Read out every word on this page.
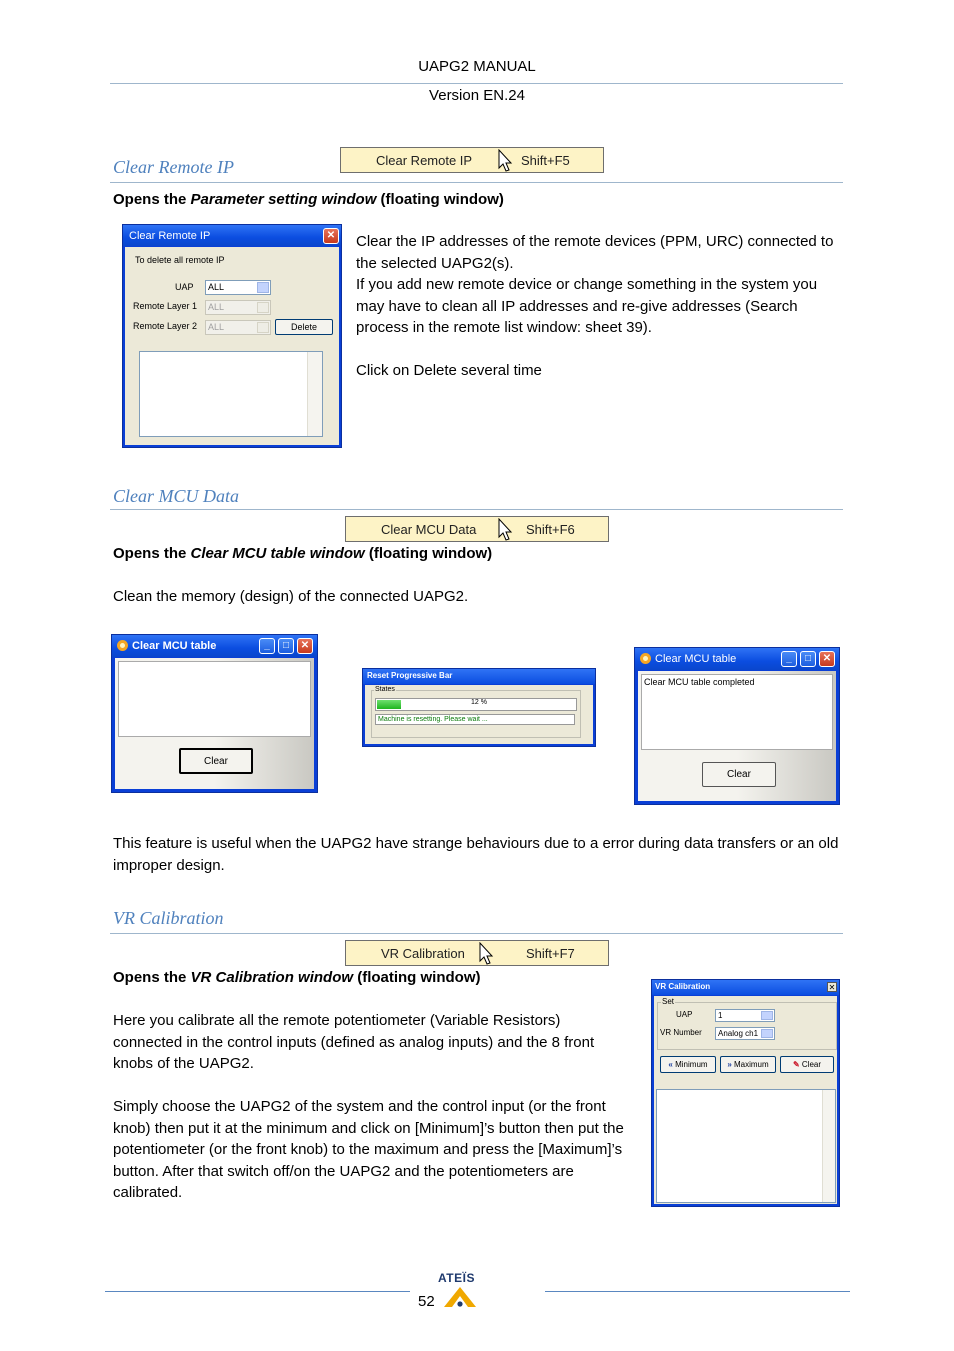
UAPG2 MANUAL
Version EN.24
Clear Remote IP	Clear Remote IP	Shift+F5
Opens the Parameter setting window (floating window)
Clear Remote IP	✕
To delete all remote IP
UAP	ALL
Remote Layer 1	ALL
Remote Layer 2	ALL	Delete
Clear the IP addresses of the remote devices (PPM, URC) connected to the selected UAPG2(s).
If you add new remote device or change something in the system you may have to clean all IP addresses and re-give addresses (Search process in the remote list window: sheet 39).
Click on Delete several time
Clear MCU Data
Clear MCU Data	Shift+F6
Opens the Clear MCU table window (floating window)
Clean the memory (design) of the connected UAPG2.
Clear MCU table	_	□	✕
Clear
Reset Progressive Bar
States
12 %
Machine is resetting. Please wait ...
Clear MCU table	_	□	✕
Clear MCU table completed
Clear
This feature is useful when the UAPG2 have strange behaviours due to a error during data transfers or an old improper design.
VR Calibration
VR Calibration	Shift+F7
Opens the VR Calibration window (floating window)
Here you calibrate all the remote potentiometer (Variable Resistors) connected in the control inputs (defined as analog inputs) and the 8 front knobs of the UAPG2.
Simply choose the UAPG2 of the system and the control input (or the front knob) then put it at the minimum and click on [Minimum]’s button then put the potentiometer (or the front knob) to the maximum and press the [Maximum]’s button. After that switch off/on the UAPG2 and the potentiometers are calibrated.
VR Calibration	✕
Set
UAP	1
VR Number	Analog ch1
« Minimum	» Maximum	✎ Clear
ATEÏS
52
